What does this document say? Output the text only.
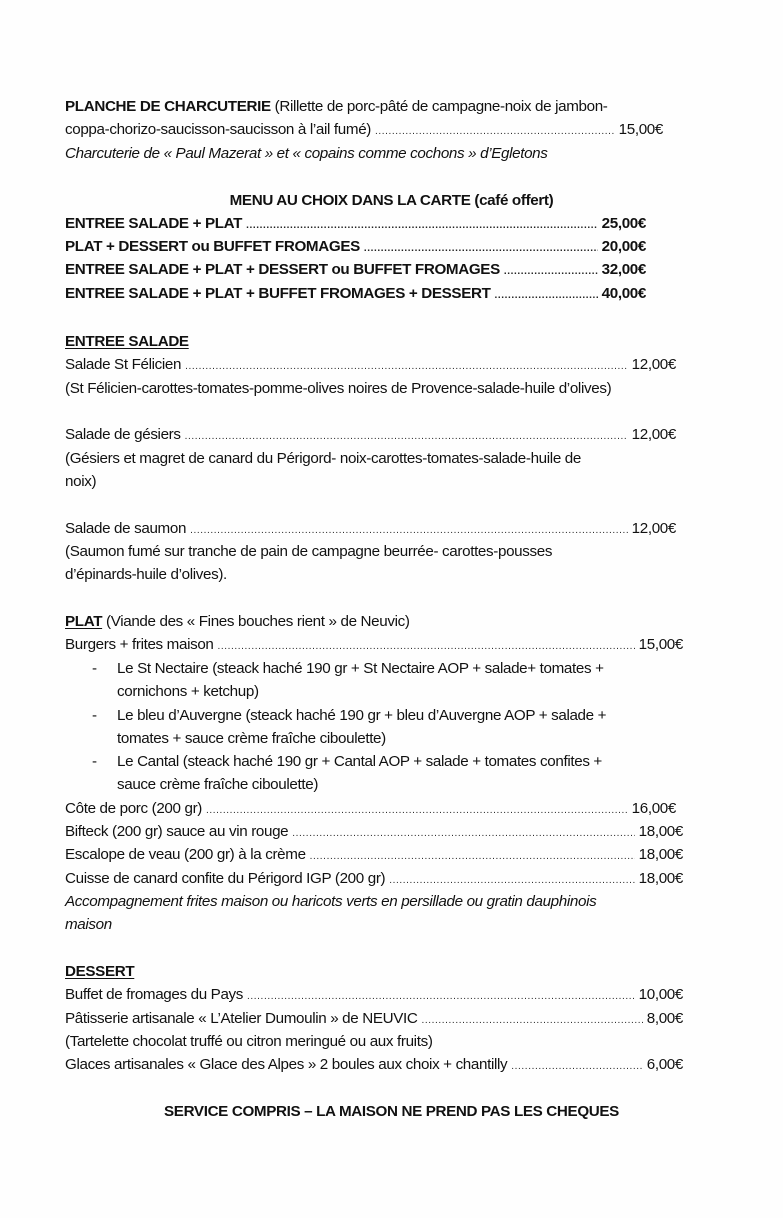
PLANCHE DE CHARCUTERIE (Rillette de porc-pâté de campagne-noix de jambon-
coppa-chorizo-saucisson-saucisson à l’ail fumé) .....	15,00€
Charcuterie de « Paul Mazerat » et « copains comme cochons » d’Egletons
MENU AU CHOIX DANS LA CARTE (café offert)
ENTREE SALADE + PLAT .....	25,00€
PLAT + DESSERT ou BUFFET FROMAGES .....	20,00€
ENTREE SALADE + PLAT + DESSERT ou BUFFET FROMAGES .....	32,00€
ENTREE SALADE + PLAT + BUFFET FROMAGES + DESSERT .....	40,00€
ENTREE SALADE
Salade St Félicien .....	12,00€
(St Félicien-carottes-tomates-pomme-olives noires de Provence-salade-huile d’olives)
Salade de gésiers .....	12,00€
(Gésiers et magret de canard du Périgord- noix-carottes-tomates-salade-huile de
noix)
Salade de saumon .....	12,00€
(Saumon fumé sur tranche de pain de campagne beurrée- carottes-pousses
d’épinards-huile d’olives).
PLAT (Viande des « Fines bouches rient » de Neuvic)
Burgers + frites maison .....	15,00€
- Le St Nectaire (steack haché 190 gr + St Nectaire AOP + salade+ tomates +
cornichons + ketchup)
- Le bleu d’Auvergne (steack haché 190 gr + bleu d’Auvergne AOP + salade +
tomates + sauce crème fraîche ciboulette)
- Le Cantal (steack haché 190 gr + Cantal AOP + salade + tomates confites +
sauce crème fraîche ciboulette)
Côte de porc (200 gr) .....	16,00€
Bifteck (200 gr) sauce au vin rouge .....	18,00€
Escalope de veau (200 gr) à la crème .....	18,00€
Cuisse de canard confite du Périgord IGP (200 gr) .....	18,00€
Accompagnement frites maison ou haricots verts en persillade ou gratin dauphinois
maison
DESSERT
Buffet de fromages du Pays .....	10,00€
Pâtisserie artisanale « L’Atelier Dumoulin » de NEUVIC .....	8,00€
(Tartelette chocolat truffé ou citron meringué ou aux fruits)
Glaces artisanales « Glace des Alpes » 2 boules aux choix + chantilly .....	6,00€
SERVICE COMPRIS – LA MAISON NE PREND PAS LES CHEQUES
